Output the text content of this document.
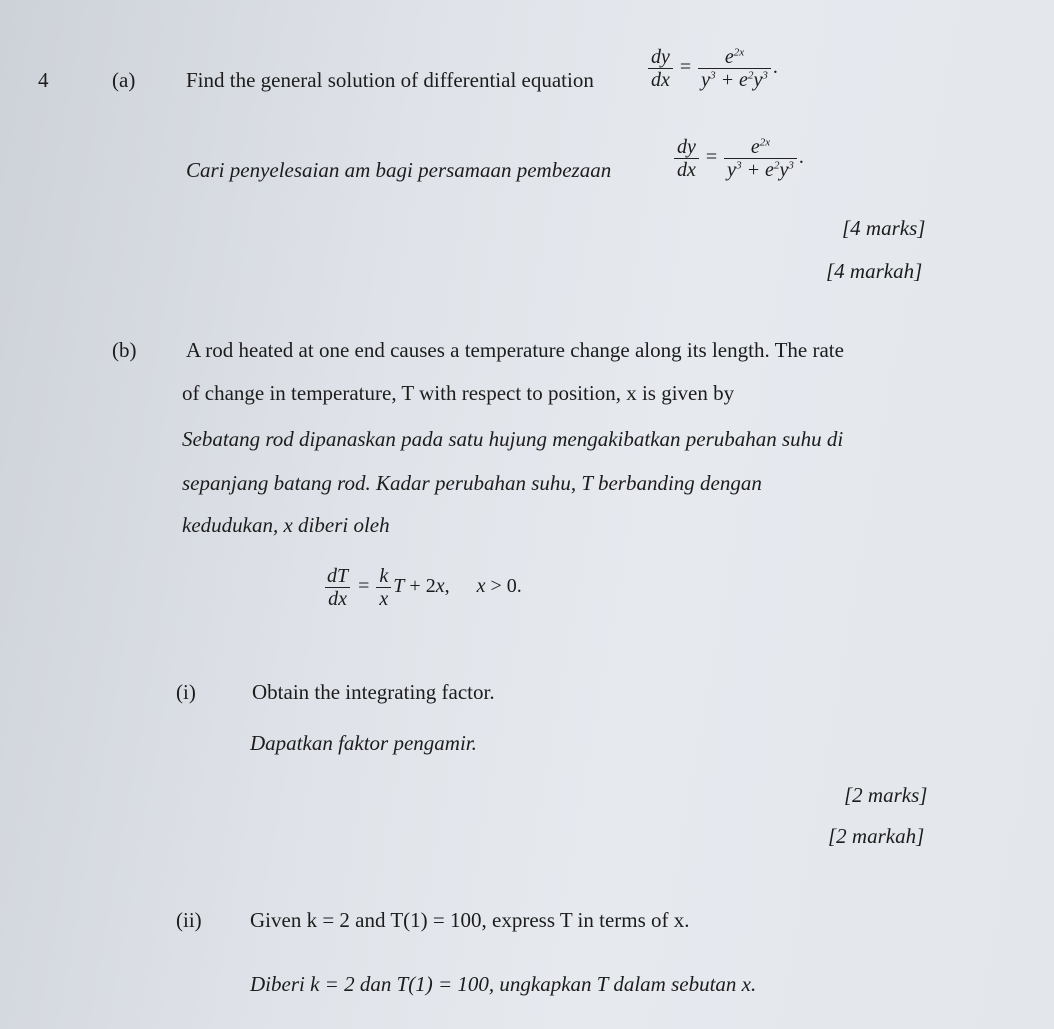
4	(a) Find the general solution of differential equation	$\frac{dy}{dx} = \frac{e^{2x}}{y^3 + e^2y^3}$ .
Cari penyelesaian am bagi persamaan pembezaan	$\frac{dy}{dx} = \frac{e^{2x}}{y^3 + e^2y^3}$ .
[4 marks]
[4 markah]
(b) A rod heated at one end causes a temperature change along its length. The rate
of change in temperature, T with respect to position, x is given by
Sebatang rod dipanaskan pada satu hujung mengakibatkan perubahan suhu di
sepanjang batang rod. Kadar perubahan suhu, T berbanding dengan
kedudukan, x diberi oleh
$\frac{dT}{dx} = \frac{k}{x}$ T + 2x, x > 0.
(i)	Obtain the integrating factor.
Dapatkan faktor pengamir.
[2 marks]
[2 markah]
(ii) Given k = 2 and T(1) = 100, express T in terms of x.
Diberi k = 2 dan T(1) = 100, ungkapkan T dalam sebutan x.
